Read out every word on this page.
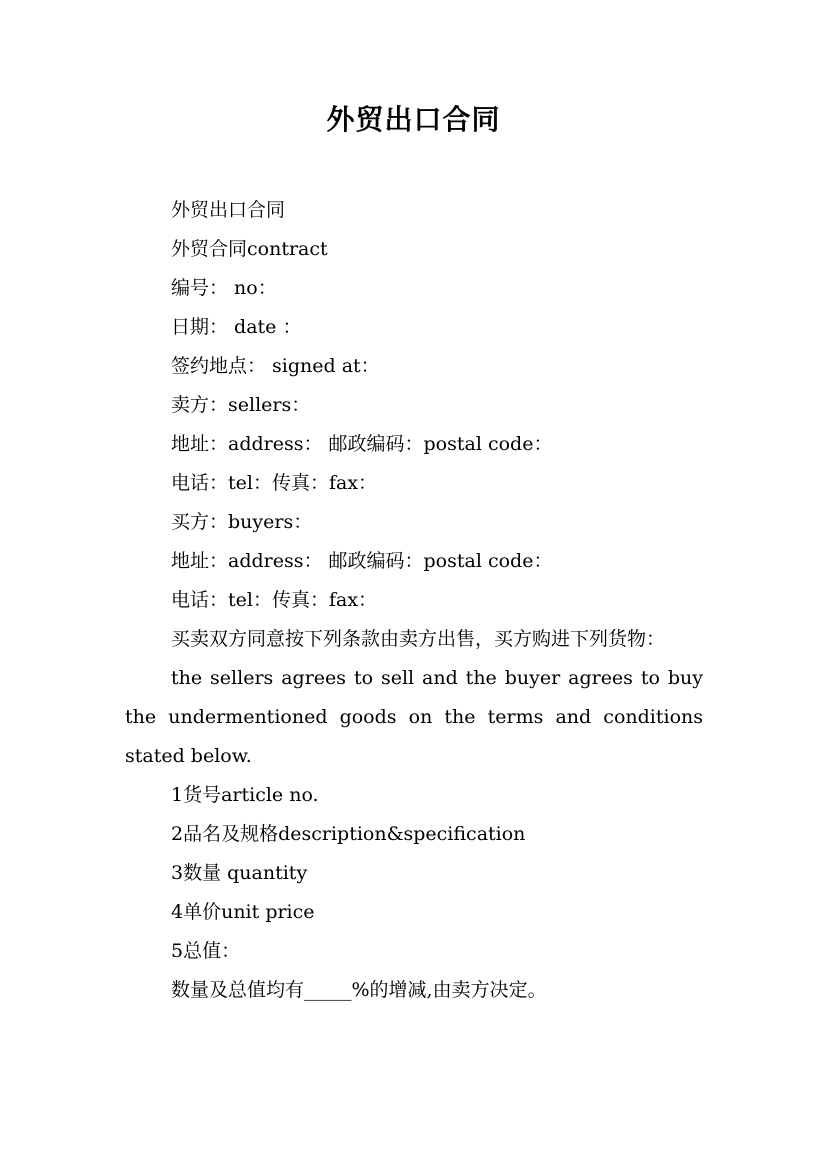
外贸出口合同

外贸出口合同

外贸合同contract

编号： no：

日期： date ：

签约地点： signed at：

卖方：sellers：

地址：address： 邮政编码：postal code：

电话：tel：传真：fax：

买方：buyers：

地址：address： 邮政编码：postal code：

电话：tel：传真：fax：

买卖双方同意按下列条款由卖方出售，买方购进下列货物：

the sellers agrees to sell and the buyer agrees to buy the undermentioned goods on the terms and conditions stated below.

1货号article no.

2品名及规格description&specification

3数量 quantity

4单价unit price

5总值：

数量及总值均有_____%的增减,由卖方决定。
